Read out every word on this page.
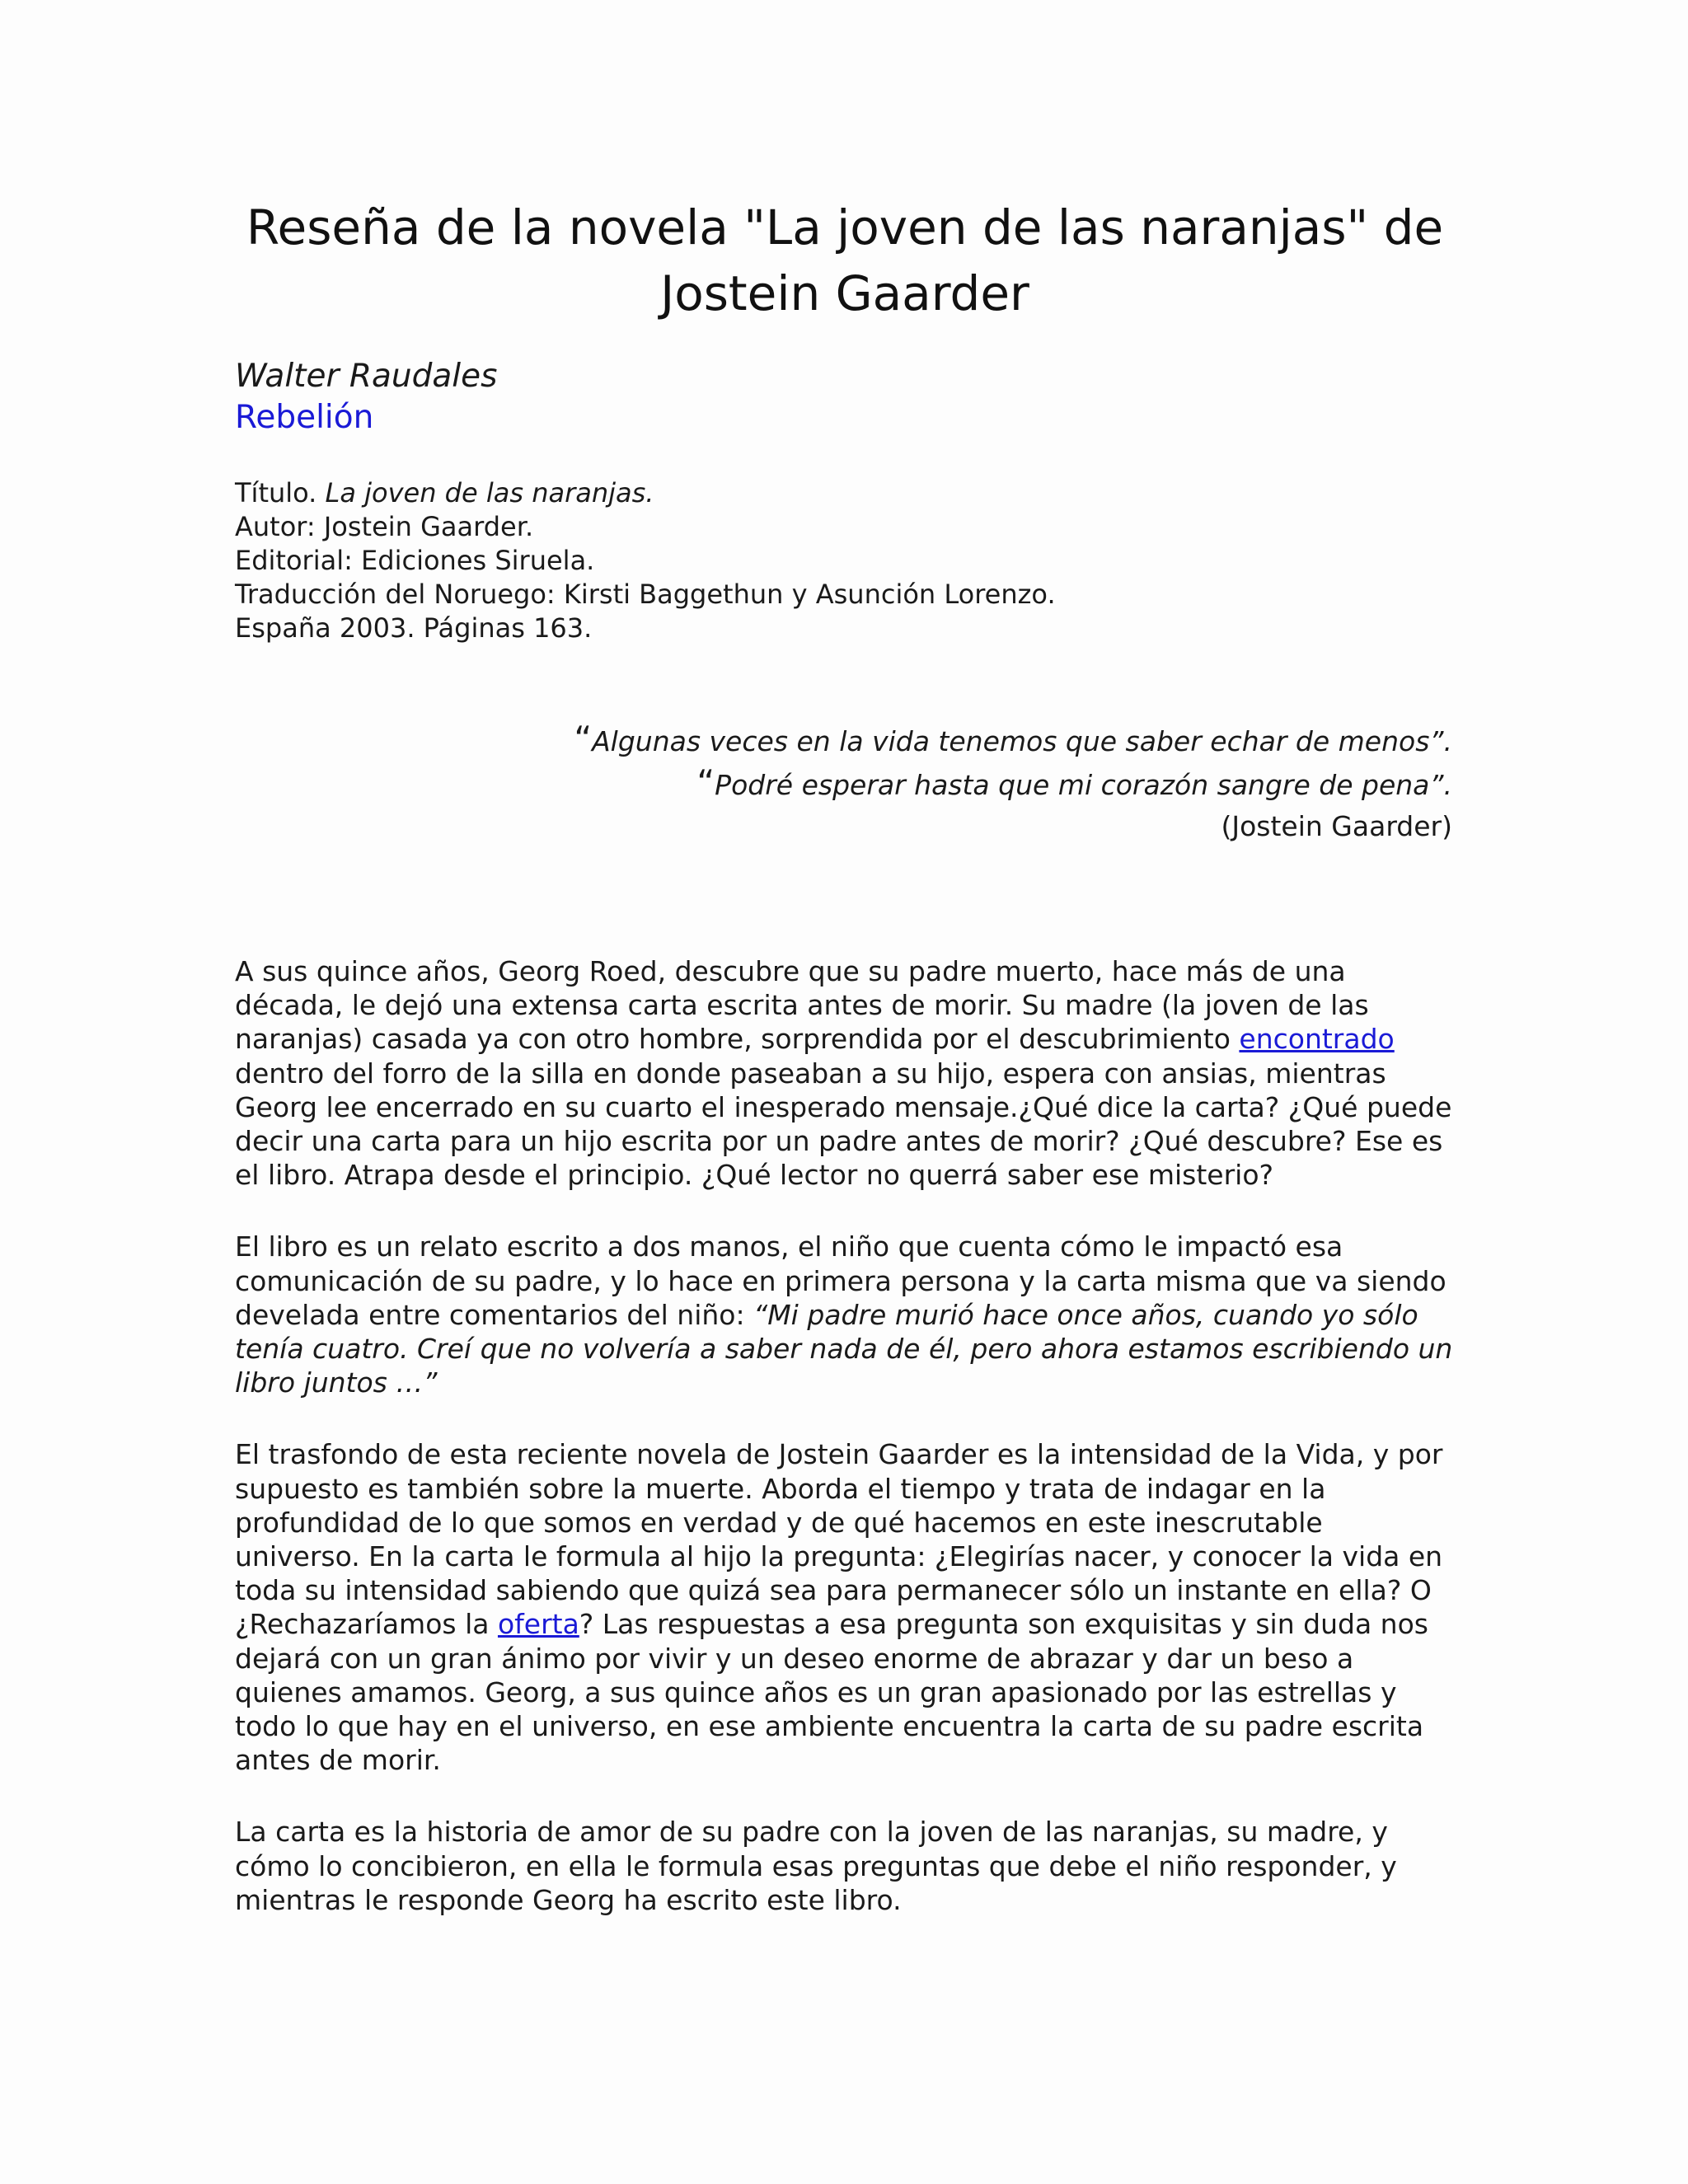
Reseña de la novela "La joven de las naranjas" de
Jostein Gaarder
Walter Raudales
Rebelión
Título. La joven de las naranjas.
Autor: Jostein Gaarder.
Editorial: Ediciones Siruela.
Traducción del Noruego: Kirsti Baggethun y Asunción Lorenzo.
España 2003. Páginas 163.
“Algunas veces en la vida tenemos que saber echar de menos”.
“Podré esperar hasta que mi corazón sangre de pena”.
(Jostein Gaarder)

A sus quince años, Georg Roed, descubre que su padre muerto, hace más de una década, le dejó una extensa carta escrita antes de morir. Su madre (la joven de las naranjas) casada ya con otro hombre, sorprendida por el descubrimiento encontrado dentro del forro de la silla en donde paseaban a su hijo, espera con ansias, mientras Georg lee encerrado en su cuarto el inesperado mensaje.¿Qué dice la carta? ¿Qué puede decir una carta para un hijo escrita por un padre antes de morir? ¿Qué descubre? Ese es el libro. Atrapa desde el principio. ¿Qué lector no querrá saber ese misterio?

El libro es un relato escrito a dos manos, el niño que cuenta cómo le impactó esa comunicación de su padre, y lo hace en primera persona y la carta misma que va siendo develada entre comentarios del niño: “Mi padre murió hace once años, cuando yo sólo tenía cuatro. Creí que no volvería a saber nada de él, pero ahora estamos escribiendo un libro juntos …”

El trasfondo de esta reciente novela de Jostein Gaarder es la intensidad de la Vida, y por supuesto es también sobre la muerte. Aborda el tiempo y trata de indagar en la profundidad de lo que somos en verdad y de qué hacemos en este inescrutable universo. En la carta le formula al hijo la pregunta: ¿Elegirías nacer, y conocer la vida en toda su intensidad sabiendo que quizá sea para permanecer sólo un instante en ella? O ¿Rechazaríamos la oferta? Las respuestas a esa pregunta son exquisitas y sin duda nos dejará con un gran ánimo por vivir y un deseo enorme de abrazar y dar un beso a quienes amamos. Georg, a sus quince años es un gran apasionado por las estrellas y todo lo que hay en el universo, en ese ambiente encuentra la carta de su padre escrita antes de morir.

La carta es la historia de amor de su padre con la joven de las naranjas, su madre, y cómo lo concibieron, en ella le formula esas preguntas que debe el niño responder, y mientras le responde Georg ha escrito este libro.
